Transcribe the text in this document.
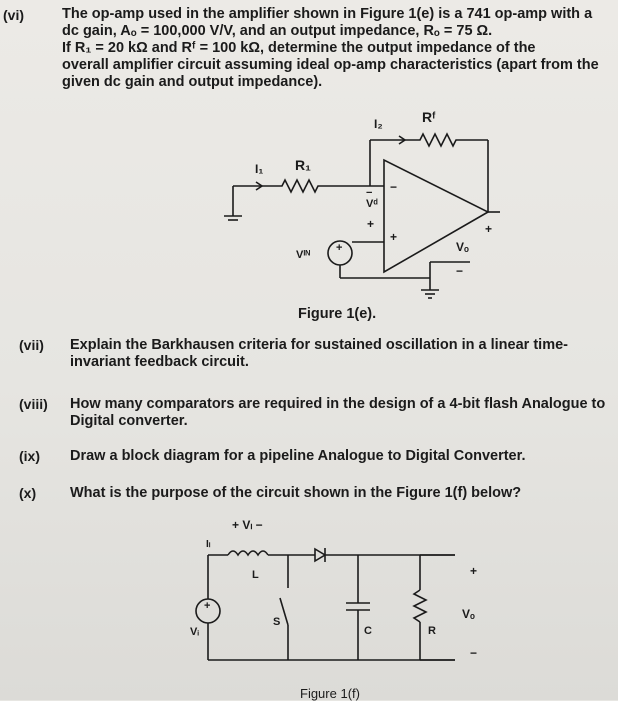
(vi)	The op-amp used in the amplifier shown in Figure 1(e) is a 741 op-amp with a
dc gain, Aₒ = 100,000 V/V, and an output impedance, Rₒ = 75 Ω.
If R₁ = 20 kΩ and Rᶠ = 100 kΩ, determine the output impedance of the
overall amplifier circuit assuming ideal op-amp characteristics (apart from the
given dc gain and output impedance).
I₁ R₁
I₂	Rᶠ
Vᵈ
−
+
−
+
Vᴵᴺ
+	Vₒ
+
−
Figure 1(e).
(vii) Explain the Barkhausen criteria for sustained oscillation in a linear time-
invariant feedback circuit.
(viii) How many comparators are required in the design of a 4-bit flash Analogue to
Digital converter.
(ix) Draw a block diagram for a pipeline Analogue to Digital Converter.
(x) What is the purpose of the circuit shown in the Figure 1(f) below?
+ Vₗ −
Iₗ
L
S
C	R
Vᵢ
+
+
Vₒ
−
Figure 1(f)
